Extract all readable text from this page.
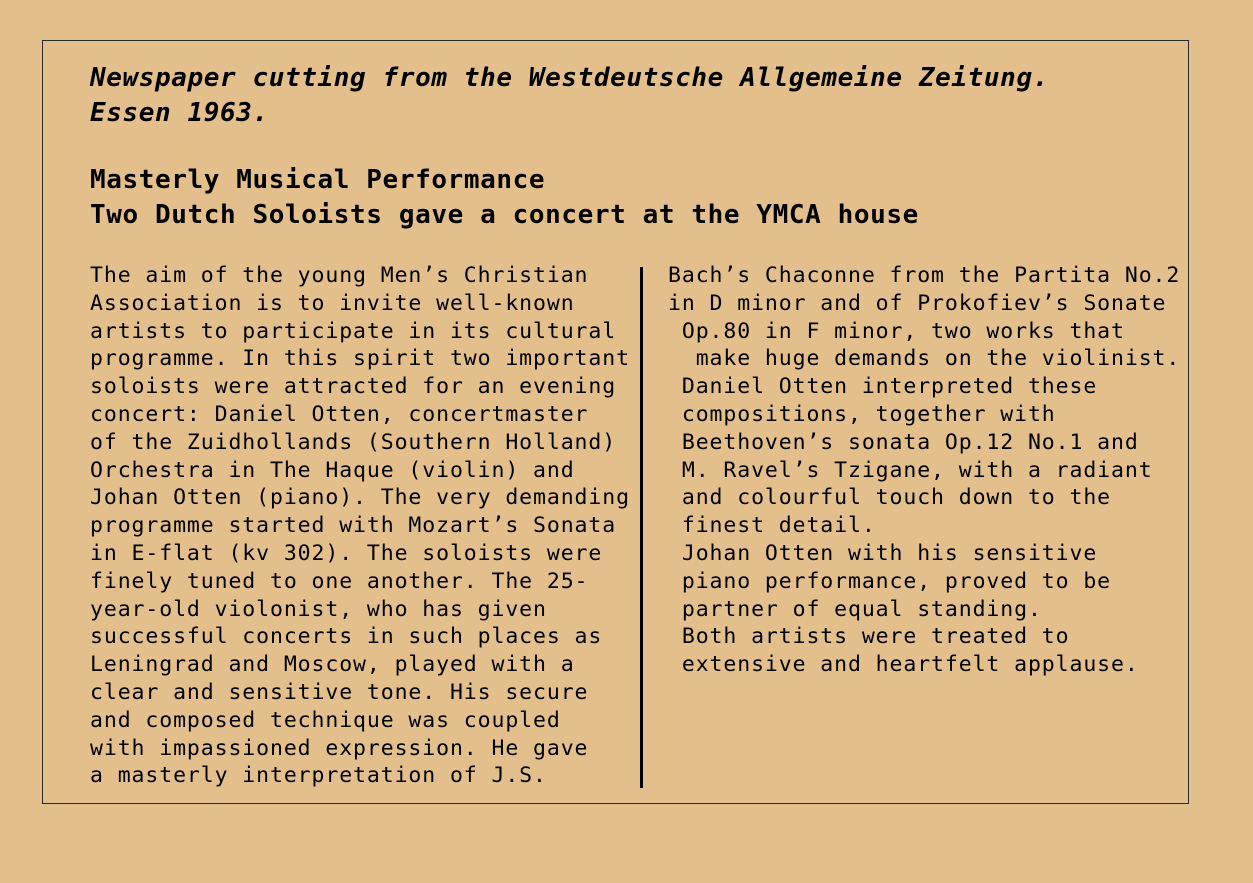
Newspaper cutting from the Westdeutsche Allgemeine Zeitung.
Essen 1963.
Masterly Musical Performance
Two Dutch Soloists gave a concert at the YMCA house
The aim of the young Men’s Christian
Association is to invite well-known
artists to participate in its cultural
programme. In this spirit two important
soloists were attracted for an evening
concert: Daniel Otten, concertmaster
of the Zuidhollands (Southern Holland)
Orchestra in The Haque (violin) and
Johan Otten (piano). The very demanding
programme started with Mozart’s Sonata
in E-flat (kv 302). The soloists were
finely tuned to one another. The 25-
year-old violonist, who has given
successful concerts in such places as
Leningrad and Moscow, played with a
clear and sensitive tone. His secure
and composed technique was coupled
with impassioned expression. He gave
a masterly interpretation of J.S.
Bach’s Chaconne from the Partita No.2
in D minor and of Prokofiev’s Sonate
Op.80 in F minor, two works that
make huge demands on the violinist.
Daniel Otten interpreted these
compositions, together with
Beethoven’s sonata Op.12 No.1 and
M. Ravel’s Tzigane, with a radiant
and colourful touch down to the
finest detail.
Johan Otten with his sensitive
piano performance, proved to be
partner of equal standing.
Both artists were treated to
extensive and heartfelt applause.
